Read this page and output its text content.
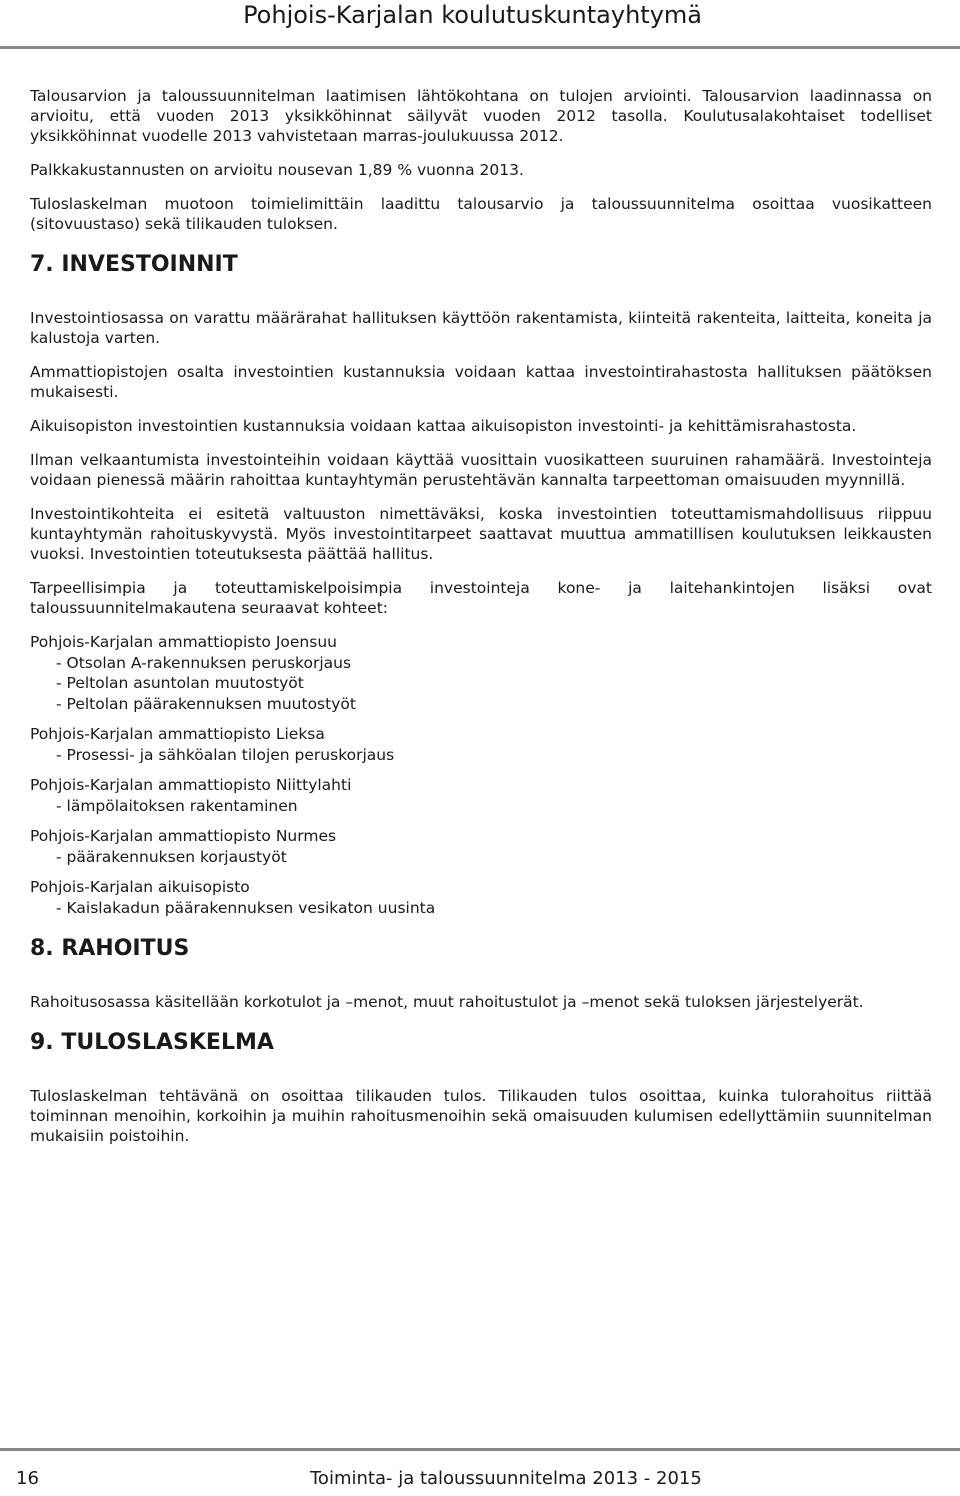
Pohjois-Karjalan koulutuskuntayhtymä

Talousarvion ja taloussuunnitelman laatimisen lähtökohtana on tulojen arviointi. Talousarvion laadinnassa on arvioitu, että vuoden 2013 yksikköhinnat säilyvät vuoden 2012 tasolla. Koulutusalakohtaiset todelliset yksikköhinnat vuodelle 2013 vahvistetaan marras-joulukuussa 2012.

Palkkakustannusten on arvioitu nousevan 1,89 % vuonna 2013.

Tuloslaskelman muotoon toimielimittäin laadittu talousarvio ja taloussuunnitelma osoittaa vuosikatteen (sitovuustaso) sekä tilikauden tuloksen.

7. INVESTOINNIT

Investointiosassa on varattu määrärahat hallituksen käyttöön rakentamista, kiinteitä rakenteita, laitteita, koneita ja kalustoja varten.

Ammattiopistojen osalta investointien kustannuksia voidaan kattaa investointirahastosta hallituksen päätöksen mukaisesti.

Aikuisopiston investointien kustannuksia voidaan kattaa aikuisopiston investointi- ja kehittämisrahastosta.

Ilman velkaantumista investointeihin voidaan käyttää vuosittain vuosikatteen suuruinen rahamäärä. Investointeja voidaan pienessä määrin rahoittaa kuntayhtymän perustehtävän kannalta tarpeettoman omaisuuden myynnillä.

Investointikohteita ei esitetä valtuuston nimettäväksi, koska investointien toteuttamismahdollisuus riippuu kuntayhtymän rahoituskyvystä. Myös investointitarpeet saattavat muuttua ammatillisen koulutuksen leikkausten vuoksi. Investointien toteutuksesta päättää hallitus.

Tarpeellisimpia ja toteuttamiskelpoisimpia investointeja kone- ja laitehankintojen lisäksi ovat taloussuunnitelmakautena seuraavat kohteet:

Pohjois-Karjalan ammattiopisto Joensuu
- Otsolan A-rakennuksen peruskorjaus
- Peltolan asuntolan muutostyöt
- Peltolan päärakennuksen muutostyöt
Pohjois-Karjalan ammattiopisto Lieksa
- Prosessi- ja sähköalan tilojen peruskorjaus
Pohjois-Karjalan ammattiopisto Niittylahti
- lämpölaitoksen rakentaminen
Pohjois-Karjalan ammattiopisto Nurmes
- päärakennuksen korjaustyöt
Pohjois-Karjalan aikuisopisto
- Kaislakadun päärakennuksen vesikaton uusinta
8. RAHOITUS

Rahoitusosassa käsitellään korkotulot ja –menot, muut rahoitustulot ja –menot sekä tuloksen järjestelyerät.

9. TULOSLASKELMA

Tuloslaskelman tehtävänä on osoittaa tilikauden tulos. Tilikauden tulos osoittaa, kuinka tulorahoitus riittää toiminnan menoihin, korkoihin ja muihin rahoitusmenoihin sekä omaisuuden kulumisen edellyttämiin suunnitelman mukaisiin poistoihin.

16	Toiminta- ja taloussuunnitelma 2013 - 2015
